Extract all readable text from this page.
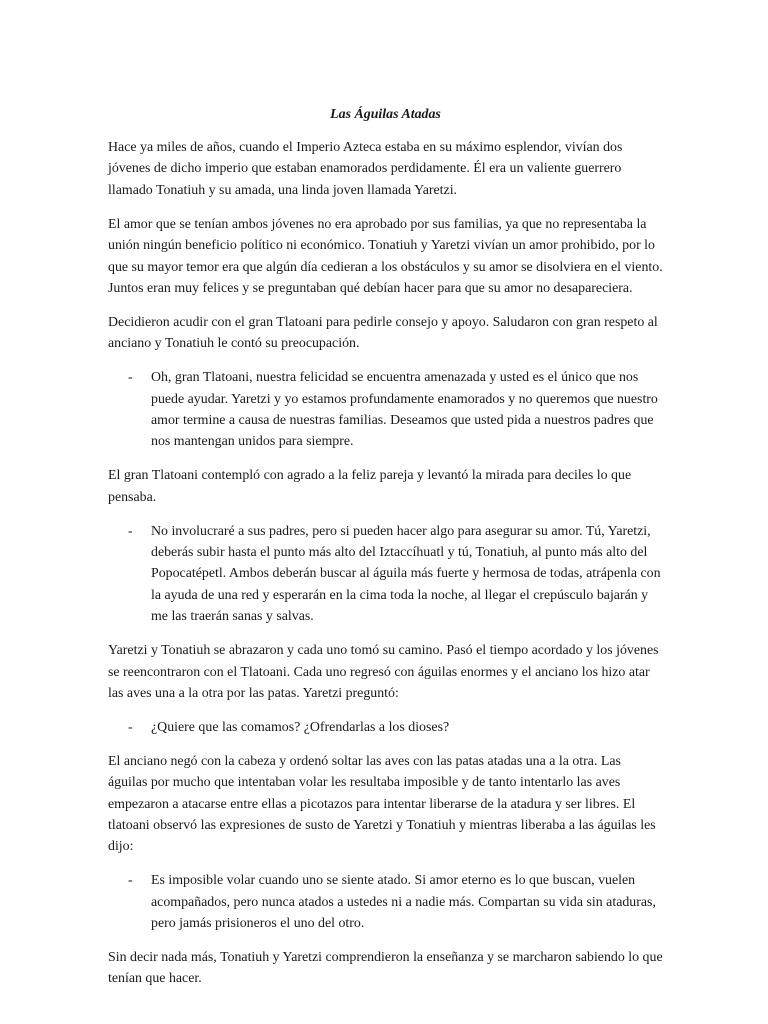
Las Águilas Atadas

Hace ya miles de años, cuando el Imperio Azteca estaba en su máximo esplendor, vivían dos jóvenes de dicho imperio que estaban enamorados perdidamente. Él era un valiente guerrero llamado Tonatiuh y su amada, una linda joven llamada Yaretzi.

El amor que se tenían ambos jóvenes no era aprobado por sus familias, ya que no representaba la unión ningún beneficio político ni económico. Tonatiuh y Yaretzi vivían un amor prohibido, por lo que su mayor temor era que algún día cedieran a los obstáculos y su amor se disolviera en el viento. Juntos eran muy felices y se preguntaban qué debían hacer para que su amor no desapareciera.

Decidieron acudir con el gran Tlatoani para pedirle consejo y apoyo. Saludaron con gran respeto al anciano y Tonatiuh le contó su preocupación.

- Oh, gran Tlatoani, nuestra felicidad se encuentra amenazada y usted es el único que nos puede ayudar. Yaretzi y yo estamos profundamente enamorados y no queremos que nuestro amor termine a causa de nuestras familias. Deseamos que usted pida a nuestros padres que nos mantengan unidos para siempre.

El gran Tlatoani contempló con agrado a la feliz pareja y levantó la mirada para deciles lo que pensaba.

- No involucraré a sus padres, pero si pueden hacer algo para asegurar su amor. Tú, Yaretzi, deberás subir hasta el punto más alto del Iztaccíhuatl y tú, Tonatiuh, al punto más alto del Popocatépetl. Ambos deberán buscar al águila más fuerte y hermosa de todas, atrápenla con la ayuda de una red y esperarán en la cima toda la noche, al llegar el crepúsculo bajarán y me las traerán sanas y salvas.

Yaretzi y Tonatiuh se abrazaron y cada uno tomó su camino. Pasó el tiempo acordado y los jóvenes se reencontraron con el Tlatoani. Cada uno regresó con águilas enormes y el anciano los hizo atar las aves una a la otra por las patas. Yaretzi preguntó:

- ¿Quiere que las comamos? ¿Ofrendarlas a los dioses?

El anciano negó con la cabeza y ordenó soltar las aves con las patas atadas una a la otra. Las águilas por mucho que intentaban volar les resultaba imposible y de tanto intentarlo las aves empezaron a atacarse entre ellas a picotazos para intentar liberarse de la atadura y ser libres. El tlatoani observó las expresiones de susto de Yaretzi y Tonatiuh y mientras liberaba a las águilas les dijo:

- Es imposible volar cuando uno se siente atado. Si amor eterno es lo que buscan, vuelen acompañados, pero nunca atados a ustedes ni a nadie más. Compartan su vida sin ataduras, pero jamás prisioneros el uno del otro.

Sin decir nada más, Tonatiuh y Yaretzi comprendieron la enseñanza y se marcharon sabiendo lo que tenían que hacer.
